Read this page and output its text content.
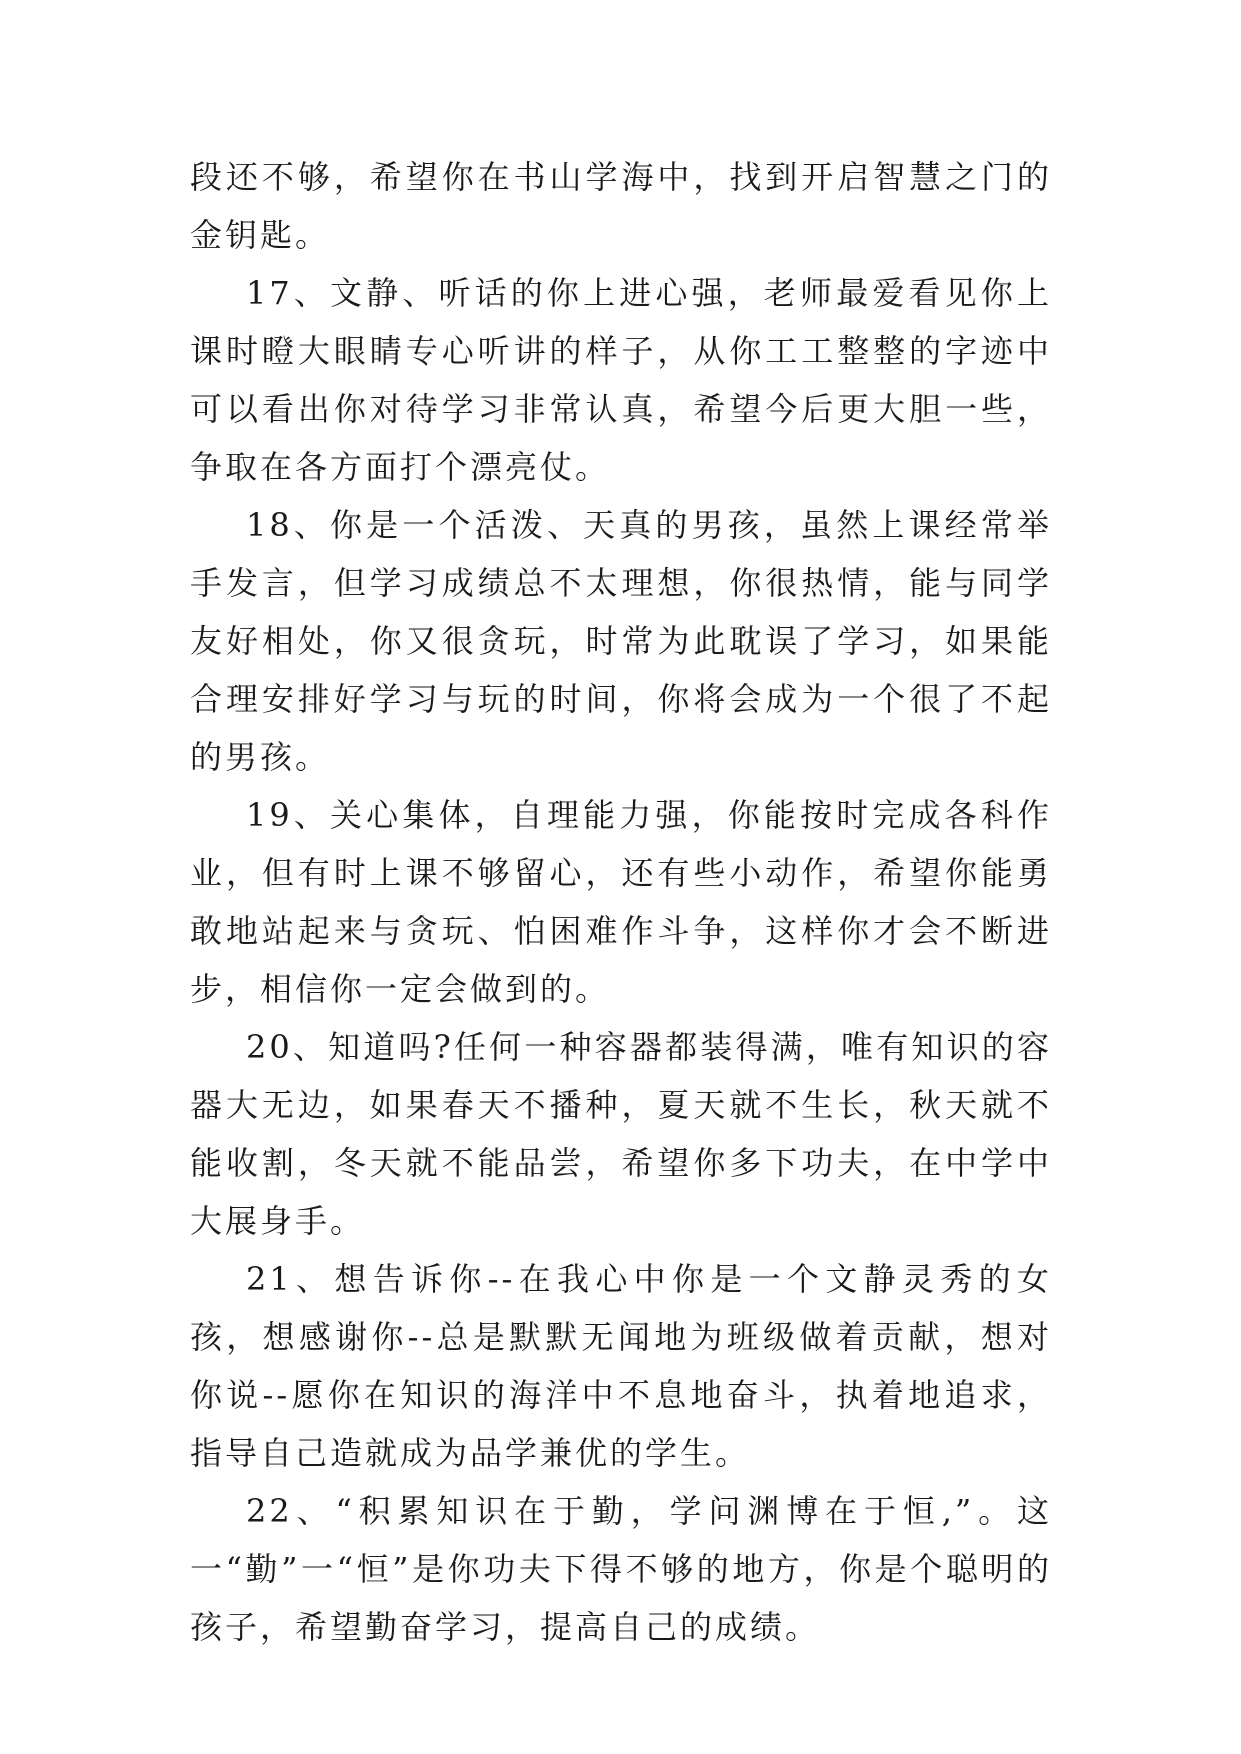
段还不够，希望你在书山学海中，找到开启智慧之门的金钥匙。

17、文静、听话的你上进心强，老师最爱看见你上课时瞪大眼睛专心听讲的样子，从你工工整整的字迹中可以看出你对待学习非常认真，希望今后更大胆一些，争取在各方面打个漂亮仗。

18、你是一个活泼、天真的男孩，虽然上课经常举手发言，但学习成绩总不太理想，你很热情，能与同学友好相处，你又很贪玩，时常为此耽误了学习，如果能合理安排好学习与玩的时间，你将会成为一个很了不起的男孩。

19、关心集体，自理能力强，你能按时完成各科作业，但有时上课不够留心，还有些小动作，希望你能勇敢地站起来与贪玩、怕困难作斗争，这样你才会不断进步，相信你一定会做到的。

20、知道吗?任何一种容器都装得满，唯有知识的容器大无边，如果春天不播种，夏天就不生长，秋天就不能收割，冬天就不能品尝，希望你多下功夫，在中学中大展身手。

21、想告诉你--在我心中你是一个文静灵秀的女孩，想感谢你--总是默默无闻地为班级做着贡献，想对你说--愿你在知识的海洋中不息地奋斗，执着地追求，指导自己造就成为品学兼优的学生。

22、“积累知识在于勤，学问渊博在于恒,”。这一“勤”一“恒”是你功夫下得不够的地方，你是个聪明的孩子，希望勤奋学习，提高自己的成绩。
